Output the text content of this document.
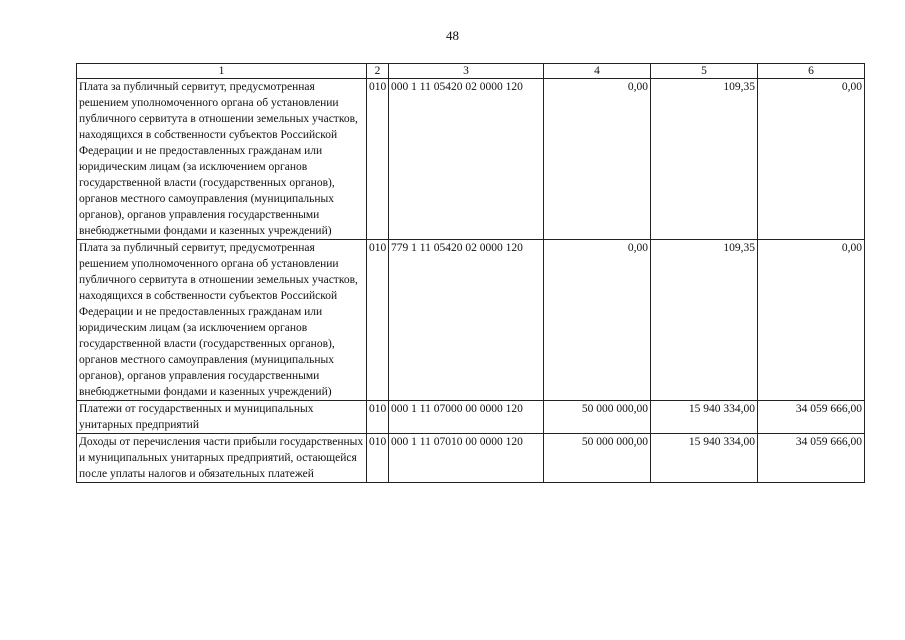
48
1	2	3	4	5	6
Плата за публичный сервитут, предусмотренная решением уполномоченного органа об установлении публичного сервитута в отношении земельных участков, находящихся в собственности субъектов Российской Федерации и не предоставленных гражданам или юридическим лицам (за исключением органов государственной власти (государственных органов), органов местного самоуправления (муниципальных органов), органов управления государственными внебюджетными фондами и казенных учреждений)	010	000 1 11 05420 02 0000 120	0,00	109,35	0,00
Плата за публичный сервитут, предусмотренная решением уполномоченного органа об установлении публичного сервитута в отношении земельных участков, находящихся в собственности субъектов Российской Федерации и не предоставленных гражданам или юридическим лицам (за исключением органов государственной власти (государственных органов), органов местного самоуправления (муниципальных органов), органов управления государственными внебюджетными фондами и казенных учреждений)	010	779 1 11 05420 02 0000 120	0,00	109,35	0,00
Платежи от государственных и муниципальных унитарных предприятий	010	000 1 11 07000 00 0000 120	50 000 000,00	15 940 334,00	34 059 666,00
Доходы от перечисления части прибыли государственных и муниципальных унитарных предприятий, остающейся после уплаты налогов и обязательных платежей	010	000 1 11 07010 00 0000 120	50 000 000,00	15 940 334,00	34 059 666,00
